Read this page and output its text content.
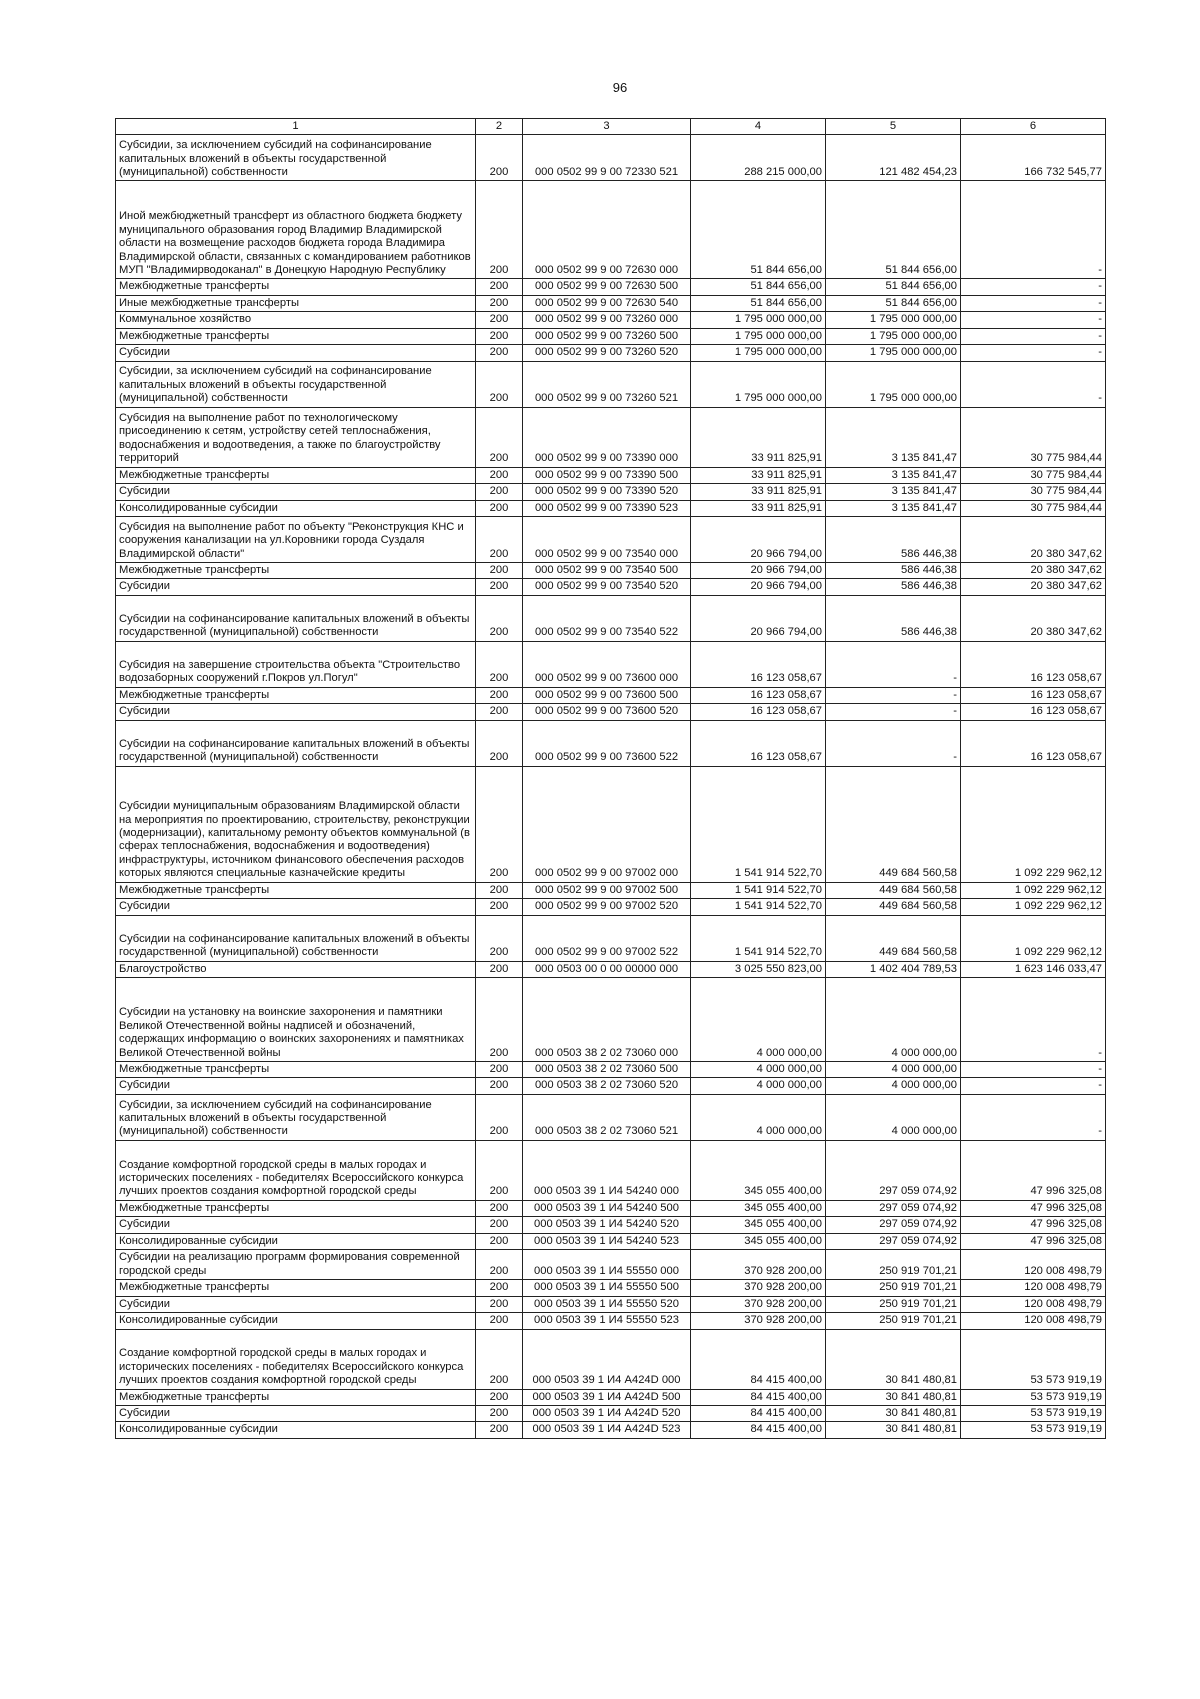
96
1	2	3	4	5	6
Субсидии, за исключением субсидий на софинансирование капитальных вложений в объекты государственной (муниципальной) собственности	200	000 0502 99 9 00 72330 521	288 215 000,00	121 482 454,23	166 732 545,77
Иной межбюджетный трансферт из областного бюджета бюджету муниципального образования город Владимир Владимирской области на возмещение расходов бюджета города Владимира Владимирской области, связанных с командированием работников МУП "Владимирводоканал" в Донецкую Народную Республику	200	000 0502 99 9 00 72630 000	51 844 656,00	51 844 656,00	-
Межбюджетные трансферты	200	000 0502 99 9 00 72630 500	51 844 656,00	51 844 656,00	-
Иные межбюджетные трансферты	200	000 0502 99 9 00 72630 540	51 844 656,00	51 844 656,00	-
Коммунальное хозяйство	200	000 0502 99 9 00 73260 000	1 795 000 000,00	1 795 000 000,00	-
Межбюджетные трансферты	200	000 0502 99 9 00 73260 500	1 795 000 000,00	1 795 000 000,00	-
Субсидии	200	000 0502 99 9 00 73260 520	1 795 000 000,00	1 795 000 000,00	-
Субсидии, за исключением субсидий на софинансирование капитальных вложений в объекты государственной (муниципальной) собственности	200	000 0502 99 9 00 73260 521	1 795 000 000,00	1 795 000 000,00	-
Субсидия на выполнение работ по технологическому присоединению к сетям, устройству сетей теплоснабжения, водоснабжения и водоотведения, а также по благоустройству территорий	200	000 0502 99 9 00 73390 000	33 911 825,91	3 135 841,47	30 775 984,44
Межбюджетные трансферты	200	000 0502 99 9 00 73390 500	33 911 825,91	3 135 841,47	30 775 984,44
Субсидии	200	000 0502 99 9 00 73390 520	33 911 825,91	3 135 841,47	30 775 984,44
Консолидированные субсидии	200	000 0502 99 9 00 73390 523	33 911 825,91	3 135 841,47	30 775 984,44
Субсидия на выполнение работ по объекту "Реконструкция КНС и сооружения канализации на ул.Коровники города Суздаля Владимирской области"	200	000 0502 99 9 00 73540 000	20 966 794,00	586 446,38	20 380 347,62
Межбюджетные трансферты	200	000 0502 99 9 00 73540 500	20 966 794,00	586 446,38	20 380 347,62
Субсидии	200	000 0502 99 9 00 73540 520	20 966 794,00	586 446,38	20 380 347,62
Субсидии на софинансирование капитальных вложений в объекты государственной (муниципальной) собственности	200	000 0502 99 9 00 73540 522	20 966 794,00	586 446,38	20 380 347,62
Субсидия на завершение строительства объекта "Строительство водозаборных сооружений г.Покров ул.Погул"	200	000 0502 99 9 00 73600 000	16 123 058,67	-	16 123 058,67
Межбюджетные трансферты	200	000 0502 99 9 00 73600 500	16 123 058,67	-	16 123 058,67
Субсидии	200	000 0502 99 9 00 73600 520	16 123 058,67	-	16 123 058,67
Субсидии на софинансирование капитальных вложений в объекты государственной (муниципальной) собственности	200	000 0502 99 9 00 73600 522	16 123 058,67	-	16 123 058,67
Субсидии муниципальным образованиям Владимирской области на мероприятия по проектированию, строительству, реконструкции (модернизации), капитальному ремонту объектов коммунальной (в сферах теплоснабжения, водоснабжения и водоотведения) инфраструктуры, источником финансового обеспечения расходов которых являются специальные казначейские кредиты	200	000 0502 99 9 00 97002 000	1 541 914 522,70	449 684 560,58	1 092 229 962,12
Межбюджетные трансферты	200	000 0502 99 9 00 97002 500	1 541 914 522,70	449 684 560,58	1 092 229 962,12
Субсидии	200	000 0502 99 9 00 97002 520	1 541 914 522,70	449 684 560,58	1 092 229 962,12
Субсидии на софинансирование капитальных вложений в объекты государственной (муниципальной) собственности	200	000 0502 99 9 00 97002 522	1 541 914 522,70	449 684 560,58	1 092 229 962,12
Благоустройство	200	000 0503 00 0 00 00000 000	3 025 550 823,00	1 402 404 789,53	1 623 146 033,47
Субсидии на установку на воинские захоронения и памятники Великой Отечественной войны надписей и обозначений, содержащих информацию о воинских захоронениях и памятниках Великой Отечественной войны	200	000 0503 38 2 02 73060 000	4 000 000,00	4 000 000,00	-
Межбюджетные трансферты	200	000 0503 38 2 02 73060 500	4 000 000,00	4 000 000,00	-
Субсидии	200	000 0503 38 2 02 73060 520	4 000 000,00	4 000 000,00	-
Субсидии, за исключением субсидий на софинансирование капитальных вложений в объекты государственной (муниципальной) собственности	200	000 0503 38 2 02 73060 521	4 000 000,00	4 000 000,00	-
Создание комфортной городской среды в малых городах и исторических поселениях - победителях Всероссийского конкурса лучших проектов создания комфортной городской среды	200	000 0503 39 1 И4 54240 000	345 055 400,00	297 059 074,92	47 996 325,08
Межбюджетные трансферты	200	000 0503 39 1 И4 54240 500	345 055 400,00	297 059 074,92	47 996 325,08
Субсидии	200	000 0503 39 1 И4 54240 520	345 055 400,00	297 059 074,92	47 996 325,08
Консолидированные субсидии	200	000 0503 39 1 И4 54240 523	345 055 400,00	297 059 074,92	47 996 325,08
Субсидии на реализацию программ формирования современной городской среды	200	000 0503 39 1 И4 55550 000	370 928 200,00	250 919 701,21	120 008 498,79
Межбюджетные трансферты	200	000 0503 39 1 И4 55550 500	370 928 200,00	250 919 701,21	120 008 498,79
Субсидии	200	000 0503 39 1 И4 55550 520	370 928 200,00	250 919 701,21	120 008 498,79
Консолидированные субсидии	200	000 0503 39 1 И4 55550 523	370 928 200,00	250 919 701,21	120 008 498,79
Создание комфортной городской среды в малых городах и исторических поселениях - победителях Всероссийского конкурса лучших проектов создания комфортной городской среды	200	000 0503 39 1 И4 А424D 000	84 415 400,00	30 841 480,81	53 573 919,19
Межбюджетные трансферты	200	000 0503 39 1 И4 А424D 500	84 415 400,00	30 841 480,81	53 573 919,19
Субсидии	200	000 0503 39 1 И4 А424D 520	84 415 400,00	30 841 480,81	53 573 919,19
Консолидированные субсидии	200	000 0503 39 1 И4 А424D 523	84 415 400,00	30 841 480,81	53 573 919,19
